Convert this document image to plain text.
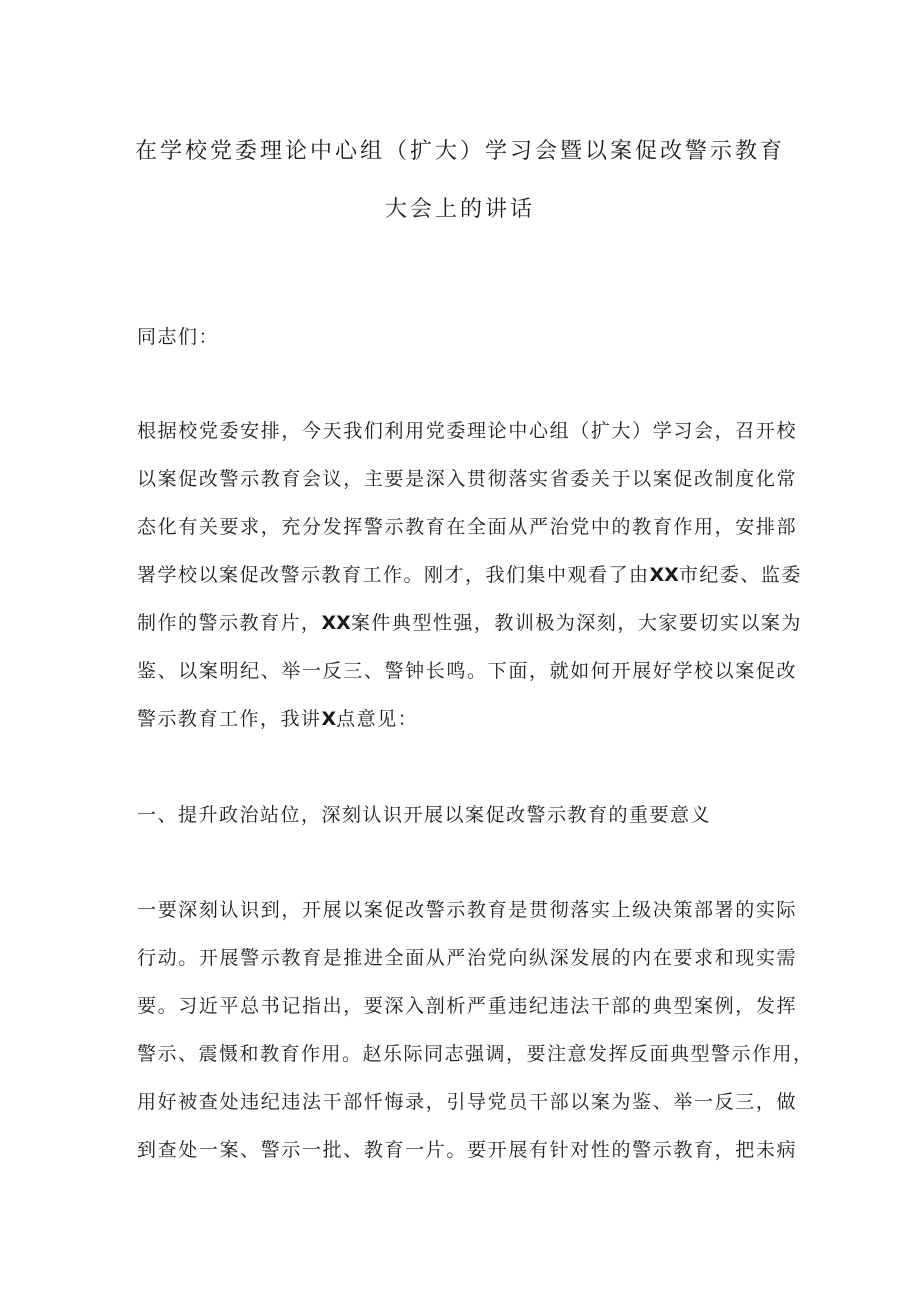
在学校党委理论中心组（扩大）学习会暨以案促改警示教育
大会上的讲话
同志们：
根据校党委安排，今天我们利用党委理论中心组（扩大）学习会，召开校
以案促改警示教育会议，主要是深入贯彻落实省委关于以案促改制度化常
态化有关要求，充分发挥警示教育在全面从严治党中的教育作用，安排部
署学校以案促改警示教育工作。刚才，我们集中观看了由XX市纪委、监委
制作的警示教育片，XX案件典型性强，教训极为深刻，大家要切实以案为
鉴、以案明纪、举一反三、警钟长鸣。下面，就如何开展好学校以案促改
警示教育工作，我讲X点意见：
一、提升政治站位，深刻认识开展以案促改警示教育的重要意义
一要深刻认识到，开展以案促改警示教育是贯彻落实上级决策部署的实际
行动。开展警示教育是推进全面从严治党向纵深发展的内在要求和现实需
要。习近平总书记指出，要深入剖析严重违纪违法干部的典型案例，发挥
警示、震慑和教育作用。赵乐际同志强调，要注意发挥反面典型警示作用，
用好被查处违纪违法干部忏悔录，引导党员干部以案为鉴、举一反三，做
到查处一案、警示一批、教育一片。要开展有针对性的警示教育，把未病
